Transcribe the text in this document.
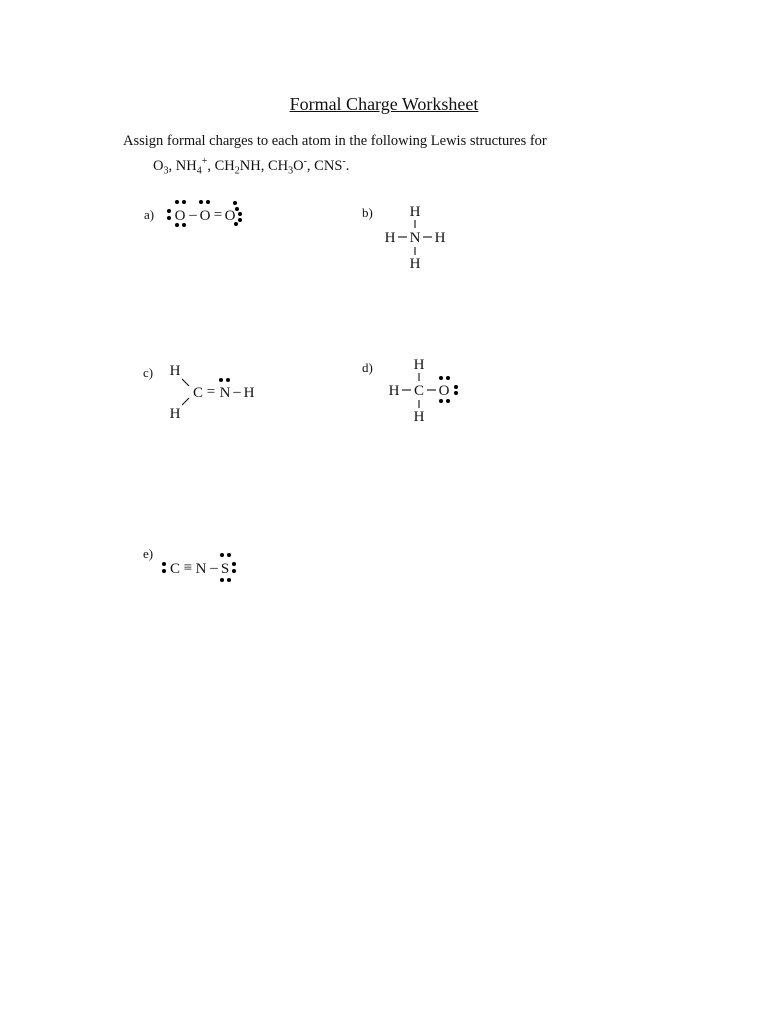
Formal Charge Worksheet
Assign formal charges to each atom in the following Lewis structures for
$O_3$, $NH_4^+$, $CH_2NH$, $CH_3O^-$, CNS-.
a)	b)
c)	d)
e)
O – O = O	H
H N H
H
H
C = N – H
H
H
H C O
H
C ≡ N – S
